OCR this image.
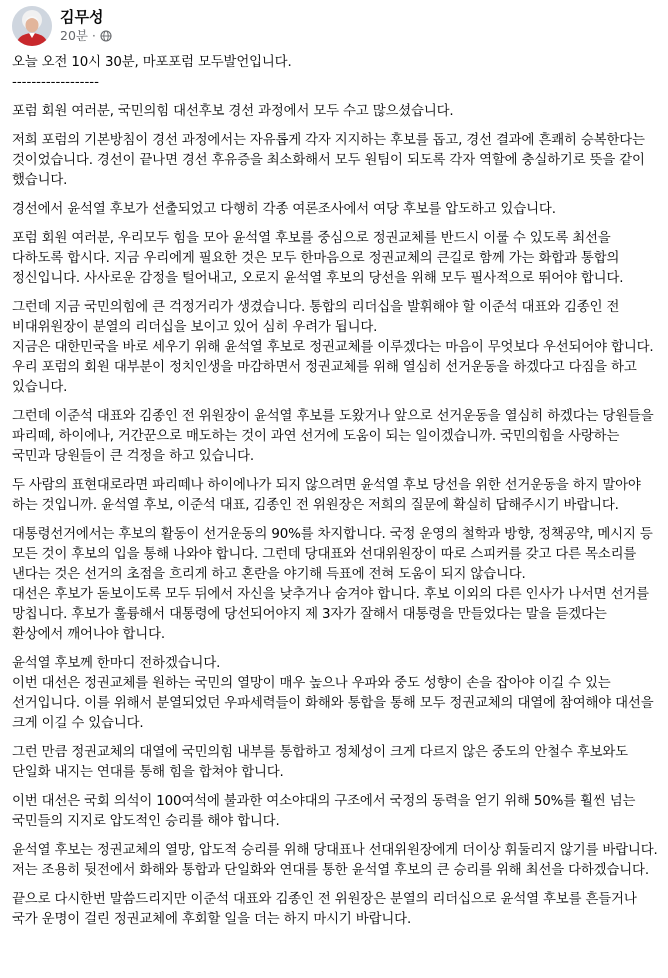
김무성
20분 ·

오늘 오전 10시 30분, 마포포럼 모두발언입니다.

------------------

포럼 회원 여러분, 국민의힘 대선후보 경선 과정에서 모두 수고 많으셨습니다.

저희 포럼의 기본방침이 경선 과정에서는 자유롭게 각자 지지하는 후보를 돕고, 경선 결과에 흔쾌히 승복한다는 것이었습니다. 경선이 끝나면 경선 후유증을 최소화해서 모두 원팀이 되도록 각자 역할에 충실하기로 뜻을 같이 했습니다.

경선에서 윤석열 후보가 선출되었고 다행히 각종 여론조사에서 여당 후보를 압도하고 있습니다.

포럼 회원 여러분, 우리모두 힘을 모아 윤석열 후보를 중심으로 정권교체를 반드시 이룰 수 있도록 최선을 다하도록 합시다. 지금 우리에게 필요한 것은 모두 한마음으로 정권교체의 큰길로 함께 가는 화합과 통합의 정신입니다. 사사로운 감정을 털어내고, 오로지 윤석열 후보의 당선을 위해 모두 필사적으로 뛰어야 합니다.

그런데 지금 국민의힘에 큰 걱정거리가 생겼습니다. 통합의 리더십을 발휘해야 할 이준석 대표와 김종인 전 비대위원장이 분열의 리더십을 보이고 있어 심히 우려가 됩니다.

지금은 대한민국을 바로 세우기 위해 윤석열 후보로 정권교체를 이루겠다는 마음이 무엇보다 우선되어야 합니다. 우리 포럼의 회원 대부분이 정치인생을 마감하면서 정권교체를 위해 열심히 선거운동을 하겠다고 다짐을 하고 있습니다.

그런데 이준석 대표와 김종인 전 위원장이 윤석열 후보를 도왔거나 앞으로 선거운동을 열심히 하겠다는 당원들을 파리떼, 하이에나, 거간꾼으로 매도하는 것이 과연 선거에 도움이 되는 일이겠습니까. 국민의힘을 사랑하는 국민과 당원들이 큰 걱정을 하고 있습니다.

두 사람의 표현대로라면 파리떼나 하이에나가 되지 않으려면 윤석열 후보 당선을 위한 선거운동을 하지 말아야 하는 것입니까. 윤석열 후보, 이준석 대표, 김종인 전 위원장은 저희의 질문에 확실히 답해주시기 바랍니다.

대통령선거에서는 후보의 활동이 선거운동의 90%를 차지합니다. 국정 운영의 철학과 방향, 정책공약, 메시지 등 모든 것이 후보의 입을 통해 나와야 합니다. 그런데 당대표와 선대위원장이 따로 스피커를 갖고 다른 목소리를 낸다는 것은 선거의 초점을 흐리게 하고 혼란을 야기해 득표에 전혀 도움이 되지 않습니다.

대선은 후보가 돋보이도록 모두 뒤에서 자신을 낮추거나 숨겨야 합니다. 후보 이외의 다른 인사가 나서면 선거를 망칩니다. 후보가 훌륭해서 대통령에 당선되어야지 제 3자가 잘해서 대통령을 만들었다는 말을 듣겠다는 환상에서 깨어나야 합니다.

윤석열 후보께 한마디 전하겠습니다.

이번 대선은 정권교체를 원하는 국민의 열망이 매우 높으나 우파와 중도 성향이 손을 잡아야 이길 수 있는 선거입니다. 이를 위해서 분열되었던 우파세력들이 화해와 통합을 통해 모두 정권교체의 대열에 참여해야 대선을 크게 이길 수 있습니다.

그런 만큼 정권교체의 대열에 국민의힘 내부를 통합하고 정체성이 크게 다르지 않은 중도의 안철수 후보와도 단일화 내지는 연대를 통해 힘을 합쳐야 합니다.

이번 대선은 국회 의석이 100여석에 불과한 여소야대의 구조에서 국정의 동력을 얻기 위해 50%를 훨씬 넘는 국민들의 지지로 압도적인 승리를 해야 합니다.

윤석열 후보는 정권교체의 열망, 압도적 승리를 위해 당대표나 선대위원장에게 더이상 휘둘리지 않기를 바랍니다.

저는 조용히 뒷전에서 화해와 통합과 단일화와 연대를 통한 윤석열 후보의 큰 승리를 위해 최선을 다하겠습니다.

끝으로 다시한번 말씀드리지만 이준석 대표와 김종인 전 위원장은 분열의 리더십으로 윤석열 후보를 흔들거나 국가 운명이 걸린 정권교체에 후회할 일을 더는 하지 마시기 바랍니다.
